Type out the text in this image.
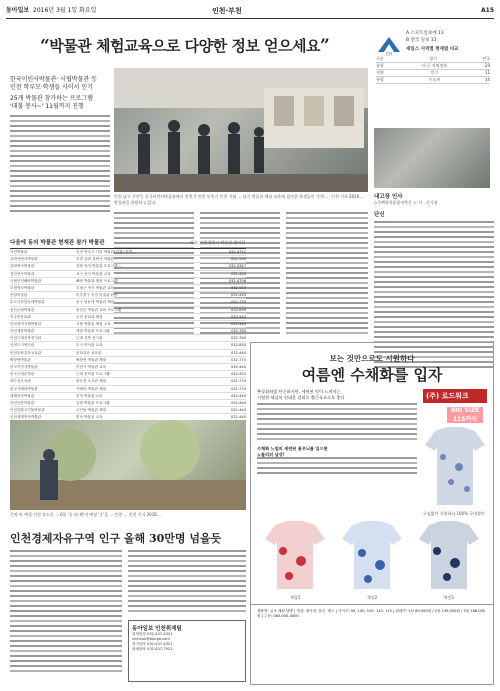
동아일보 2016년 3월 1일 화요일	인천·부천	A15
“박물관 체험교육으로 다양한 정보 얻으세요”	CH
A 스모트일보에 13
B 전국 일보 13
세일스 지역별 현재별 비교
구분	경기	전국
종합	시·군 지역정보	20
지역	인기	11
특별	수도권	14
한국이민사박물관· 시립박물관 등
인천 학부모·학생들 사이서 인기
25개 박물관 참가하는 프로그램
'대불 봉사~' 11월까지 진행
인천 남구 주안동 한국이민사박물관에서 인천기 인천 인천기 인천 기념 ... 남기 박물관 체험 교육에 참가한 학생들이 '인천 ... 인천 기자 2016 ... 박물관을 관람하고 있다.
다음에 동의 박물관 현재관 참가 박물관	자료: 인천광역시 박물관 협의회
가천박물관	인천 연수구 가천 박물관(인천) 통계 ...	032-4721
강화자연사박물관	인천 강화 자연사 박물관 ...	032-930
강화역사박물관	강화 역사 박물관 프로그램 ...	032-9347
검단선사박물관	서구 선사 박물관 교육	032-440
국립인천해양박물관	해양 박물관 체험 프로그램	032-4706
부평역사박물관	부평구 역사 박물관 교육	032-515
송암미술관	미추홀구 송암 미술관 관람	032-440
수도국산달동네박물관	동구 달동네 박물관 체험	032-770
옹진군립박물관	옹진군 박물관 교육 프로그램	032-899
이주민문화관	주민 문화관 체험	032-440
인천광역시립박물관	시립 박물관 체험 교육	032-440
인천개항박물관	개항 박물관 프로그램	032-760
인천근대건축전시관	근대 건축 전시관	032-760
인천도시역사관	도시 역사관 교육	032-850
인천문화유산교육관	문화유산 교육관	032-440
짜장면박물관	짜장면 박물관 체험	032-773
한국이민사박물관	이민사 박물관 교육	032-440
한국근대문학관	근대 문학관 프로그램	032-455
화도진도서관	화도진 도서관 체험	032-770
한국카메라박물관	카메라 박물관 체험	032-770
세계문자박물관	문자 박물관 교육	032-440
인천공항박물관	공항 박물관 프로그램	032-440
인천강화고인돌박물관	고인돌 박물관 체험	032-440
인천세계민속박물관	민속 박물관 교육	032-440
내고장 인사
◇주택청약종합저축은 ㅁ 시...신기정
단신
동막 단 예절 인천 송도동 ... 6일 '종·정·체'의 예정 '준'을 ... 인천 ... 인천 기자 2016 ...
인천경제자유구역 인구 올해 30만명 넘을듯
동아일보 인천취재팀
취재팀장 032-437-4321
incheon@donga.com
광고담당 032-437-4321
판매담당 032-437-7921
보는 것만으로도 시원하다
여름엔 수채화를 입자
추상화처럼 단순하지만, 세련된 멋이 느껴지는
시원한 색감의 현대운 컬러로 출근룩으로도 좋다
수채화 느낌의 세련된 꽃무늬를 입으면
노블리쉬 남성!
(주) 로드워크
BIG SIZE
115까지
구김없이 시원하다 100% 국내생산
색상1	색상2	색상3
제품명: 실크 재원 남방 | 색상: 네이비, 블루, 레드 | 사이즈: 95, 100, 105, 110, 115 | 판매가: 1장 89,000원 / 2장 139,000원 / 3장 188,000원 | 주문: 080-000-0000
